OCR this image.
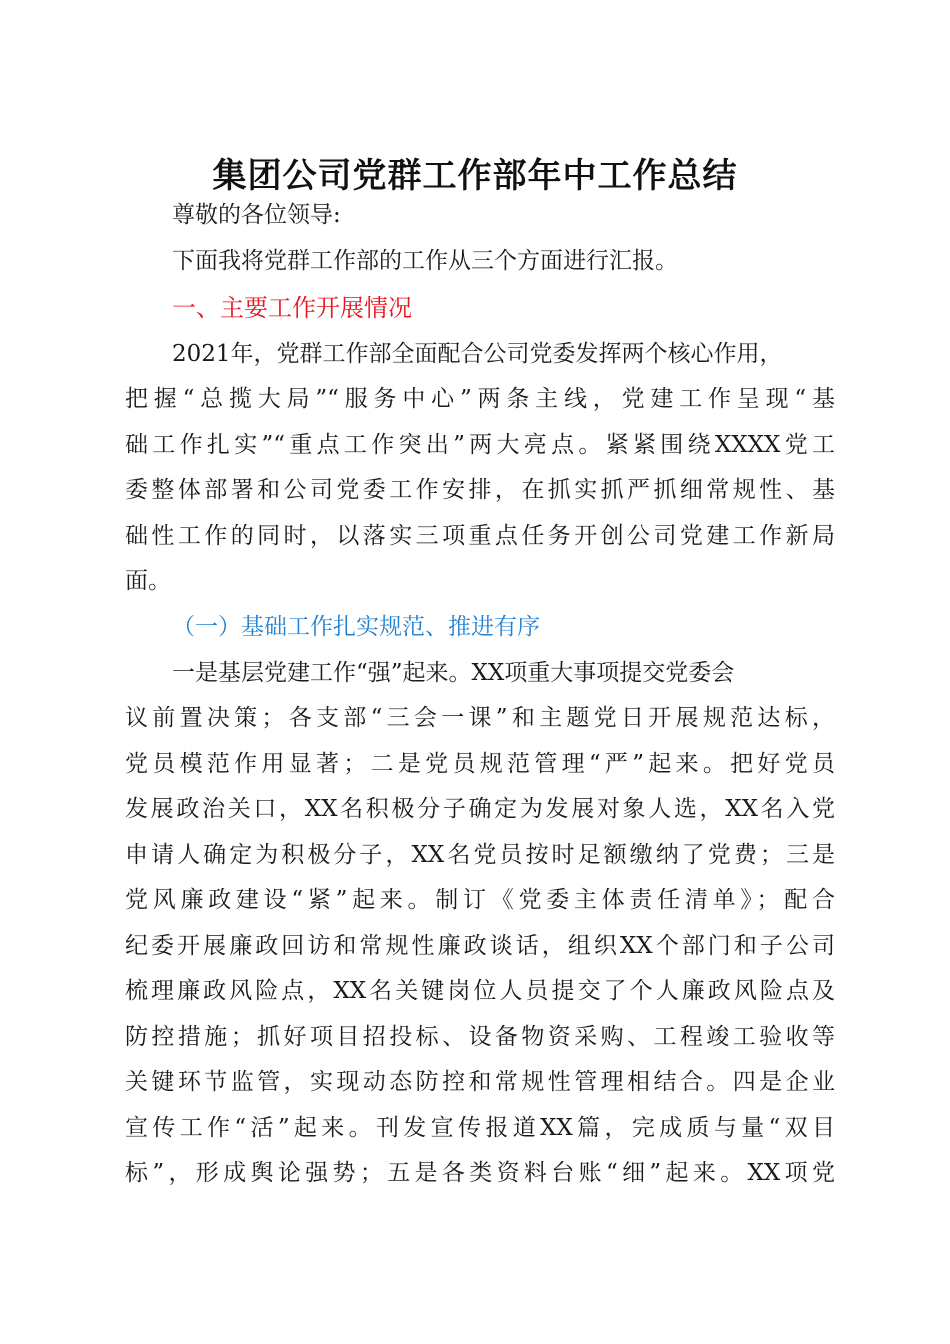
集团公司党群工作部年中工作总结
尊敬的各位领导:
下面我将党群工作部的工作从三个方面进行汇报。
一、主要工作开展情况
2021年，党群工作部全面配合公司党委发挥两个核心作用，
把握“总揽大局”“服务中心”两条主线，党建工作呈现“基
础工作扎实”“重点工作突出”两大亮点。紧紧围绕XXXX党工
委整体部署和公司党委工作安排，在抓实抓严抓细常规性、基
础性工作的同时，以落实三项重点任务开创公司党建工作新局
面。
（一）基础工作扎实规范、推进有序
一是基层党建工作“强”起来。XX项重大事项提交党委会
议前置决策；各支部“三会一课”和主题党日开展规范达标，
党员模范作用显著；二是党员规范管理“严”起来。把好党员
发展政治关口，XX名积极分子确定为发展对象人选，XX名入党
申请人确定为积极分子，XX名党员按时足额缴纳了党费；三是
党风廉政建设“紧”起来。制订《党委主体责任清单》；配合
纪委开展廉政回访和常规性廉政谈话，组织XX个部门和子公司
梳理廉政风险点，XX名关键岗位人员提交了个人廉政风险点及
防控措施；抓好项目招投标、设备物资采购、工程竣工验收等
关键环节监管，实现动态防控和常规性管理相结合。四是企业
宣传工作“活”起来。刊发宣传报道XX篇，完成质与量“双目
标”，形成舆论强势；五是各类资料台账“细”起来。XX项党
